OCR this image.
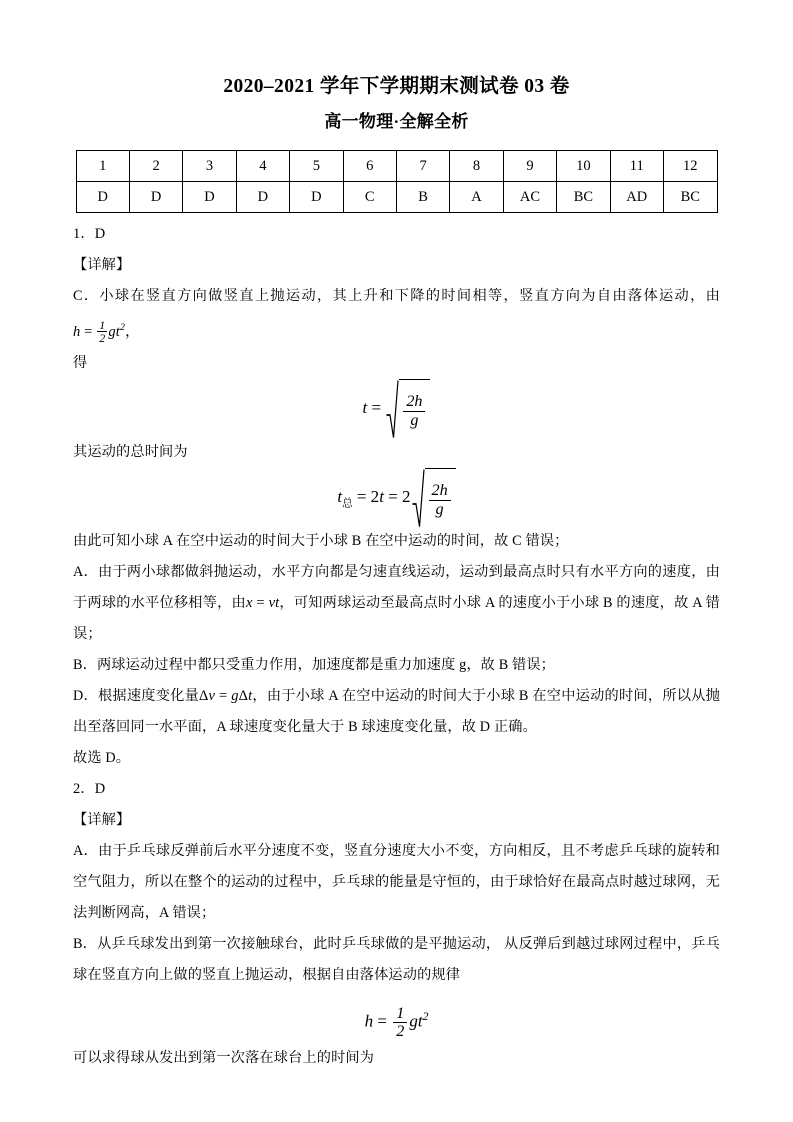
2020–2021 学年下学期期末测试卷 03 卷
高一物理·全解全析
1	2	3	4	5	6	7	8	9	10	11	12
D	D	D	D	D	C	B	A	AC	BC	AD	BC

1．D

【详解】

C．小球在竖直方向做竖直上抛运动，其上升和下降的时间相等，竖直方向为自由落体运动，由$h = \frac{1}{2} gt^2$，

得

$t = \frac{2h}{g}$

其运动的总时间为

$t_总 = 2t = 2 \frac{2h}{g}$

由此可知小球 A 在空中运动的时间大于小球 B 在空中运动的时间，故 C 错误；

A．由于两小球都做斜抛运动，水平方向都是匀速直线运动，运动到最高点时只有水平方向的速度，由于两球的水平位移相等，由x = vt，可知两球运动至最高点时小球 A 的速度小于小球 B 的速度，故 A 错误；

B．两球运动过程中都只受重力作用，加速度都是重力加速度 g，故 B 错误；

D．根据速度变化量Δv = gΔt，由于小球 A 在空中运动的时间大于小球 B 在空中运动的时间，所以从抛出至落回同一水平面，A 球速度变化量大于 B 球速度变化量，故 D 正确。

故选 D。

2．D

【详解】

A．由于乒乓球反弹前后水平分速度不变，竖直分速度大小不变，方向相反，且不考虑乒乓球的旋转和空气阻力，所以在整个的运动的过程中，乒乓球的能量是守恒的，由于球恰好在最高点时越过球网，无法判断网高，A 错误；

B．从乒乓球发出到第一次接触球台，此时乒乓球做的是平抛运动， 从反弹后到越过球网过程中，乒乓球在竖直方向上做的竖直上抛运动，根据自由落体运动的规律

$h = \frac{1}{2} gt^2$

可以求得球从发出到第一次落在球台上的时间为
